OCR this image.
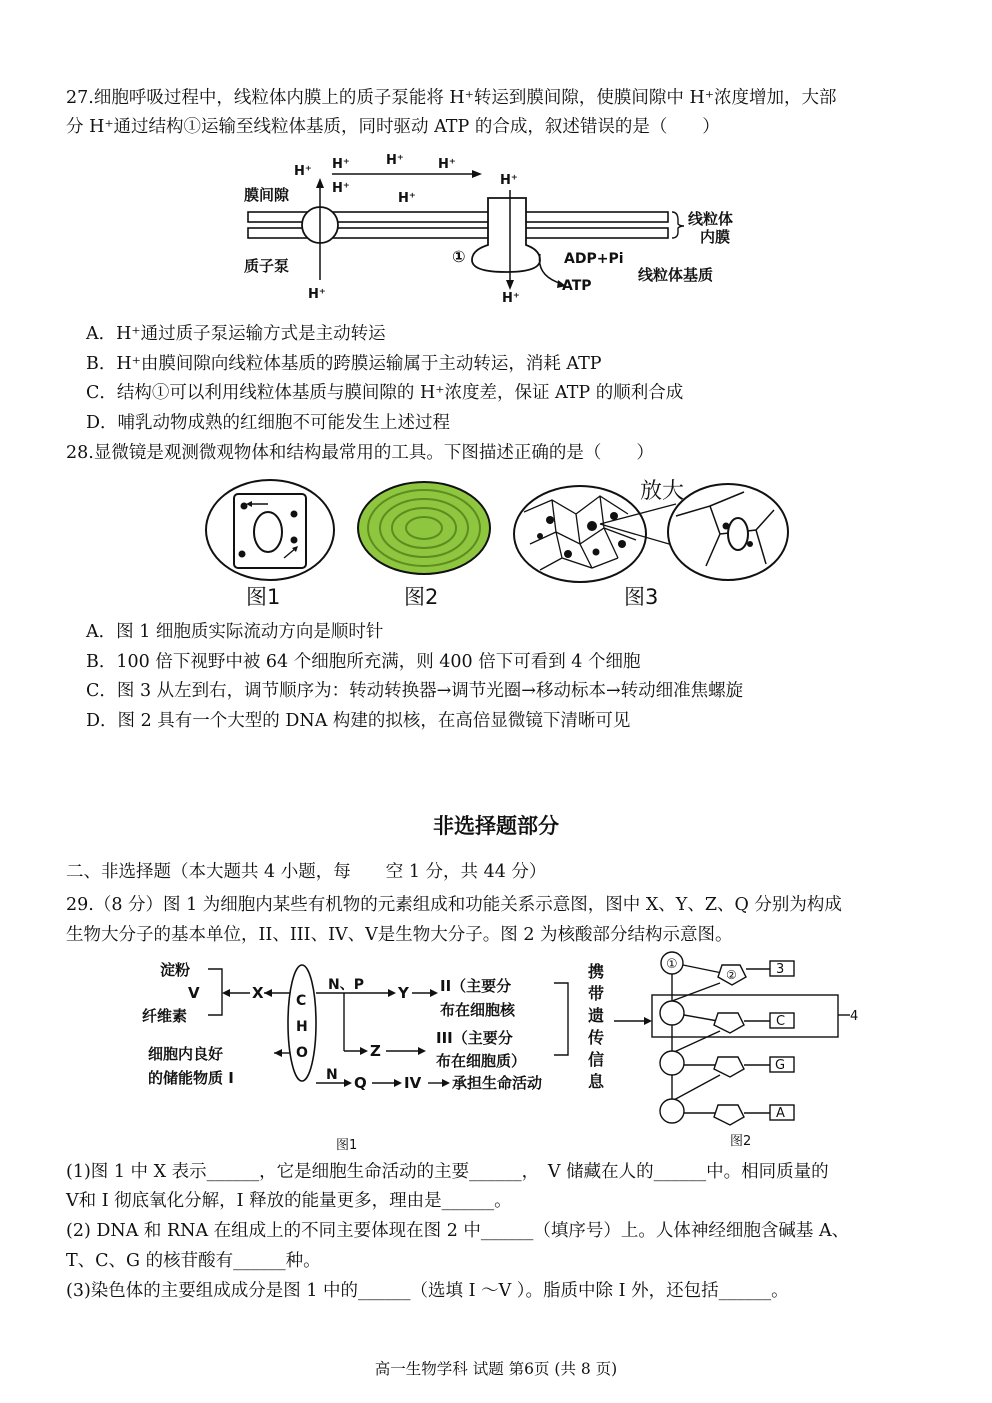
27.细胞呼吸过程中，线粒体内膜上的质子泵能将 H⁺转运到膜间隙，使膜间隙中 H⁺浓度增加，大部
分 H⁺通过结构①运输至线粒体基质，同时驱动 ATP 的合成，叙述错误的是（　　）
H⁺ H⁺	H⁺	H⁺
H⁺
H⁺
H⁺
H⁺	H⁺
膜间隙
质子泵	①	ADP+Pi
ATP
线粒体
内膜
线粒体基质
A．H⁺通过质子泵运输方式是主动转运
B．H⁺由膜间隙向线粒体基质的跨膜运输属于主动转运，消耗 ATP
C．结构①可以利用线粒体基质与膜间隙的 H⁺浓度差，保证 ATP 的顺利合成
D．哺乳动物成熟的红细胞不可能发生上述过程
28.显微镜是观测微观物体和结构最常用的工具。下图描述正确的是（　　）
放大
图1	图2	图3
A．图 1 细胞质实际流动方向是顺时针
B．100 倍下视野中被 64 个细胞所充满，则 400 倍下可看到 4 个细胞
C．图 3 从左到右，调节顺序为：转动转换器→调节光圈→移动标本→转动细准焦螺旋
D．图 2 具有一个大型的 DNA 构建的拟核，在高倍显微镜下清晰可见
非选择题部分
二、非选择题（本大题共 4 小题，每　　空 1 分，共 44 分）
29.（8 分）图 1 为细胞内某些有机物的元素组成和功能关系示意图，图中 X、Y、Z、Q 分别为构成
生物大分子的基本单位，II、III、IV、V是生物大分子。图 2 为核酸部分结构示意图。
淀粉
V
纤维素
X
细胞内良好
的储能物质 I
C
H
O
N、P Y
Z
N Q IV 承担生命活动
II（主要分
布在细胞核
III（主要分
布在细胞质）
携
带
遗
传
信
息
图1
①
②	3
4
C
G
A
图2
(1)图 1 中 X 表示______，它是细胞生命活动的主要______，　V 储藏在人的______中。相同质量的
V和 I 彻底氧化分解，I 释放的能量更多，理由是______。
(2) DNA 和 RNA 在组成上的不同主要体现在图 2 中______（填序号）上。人体神经细胞含碱基 A、
T、C、G 的核苷酸有______种。
(3)染色体的主要组成成分是图 1 中的______（选填 I ～V ）。脂质中除 I 外，还包括______。
高一生物学科 试题 第6页 (共 8 页)
